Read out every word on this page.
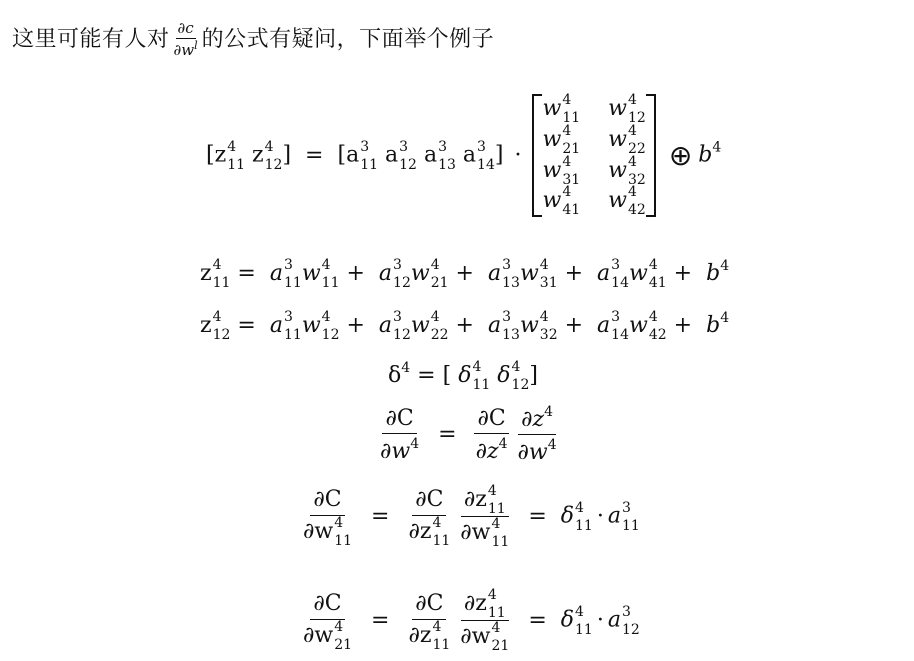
这里可能有人对 $\frac{\partial c}{\partial w^l}$ 的公式有疑问，下面举个例子
[z 4
11 z 4
12 ] = [a 3
11 a 3
12 a 3
13 a 3
14 ] ·
w 4
11 w 4
12
w 4
21 w 4
22
w 4
31 w 4
32
w 4
41 w 4
42
⊕ $b^4$
z 4
11 = a 3
11 w 4
11 + a 3
12 w 4
21 + a 3
13 w 4
31 + a 3
14 w 4
$41 + b^4$
z 4
12 = a 3
11 w 4
12 + a 3
12 w 4
22 + a 3
13 w 4
32 + a 3
14 w 4
$42 + b^4$
$\delta^4$ = [ δ 4
11 δ 4
12 ]
$\frac{\partial C}{\partial w^4} = \frac{\partial C}{\partial z^4} \frac{\partial z^4}{\partial w^4}$
∂C
∂w 4
11 = ∂C
∂z 4
11 ∂z 4
11
∂w 4
11 = δ 4
11 · a 3
11
∂C
∂w 4
21 = ∂C
∂z 4
11 ∂z 4
11
∂w 4
21 = δ 4
11 · a 3
12
